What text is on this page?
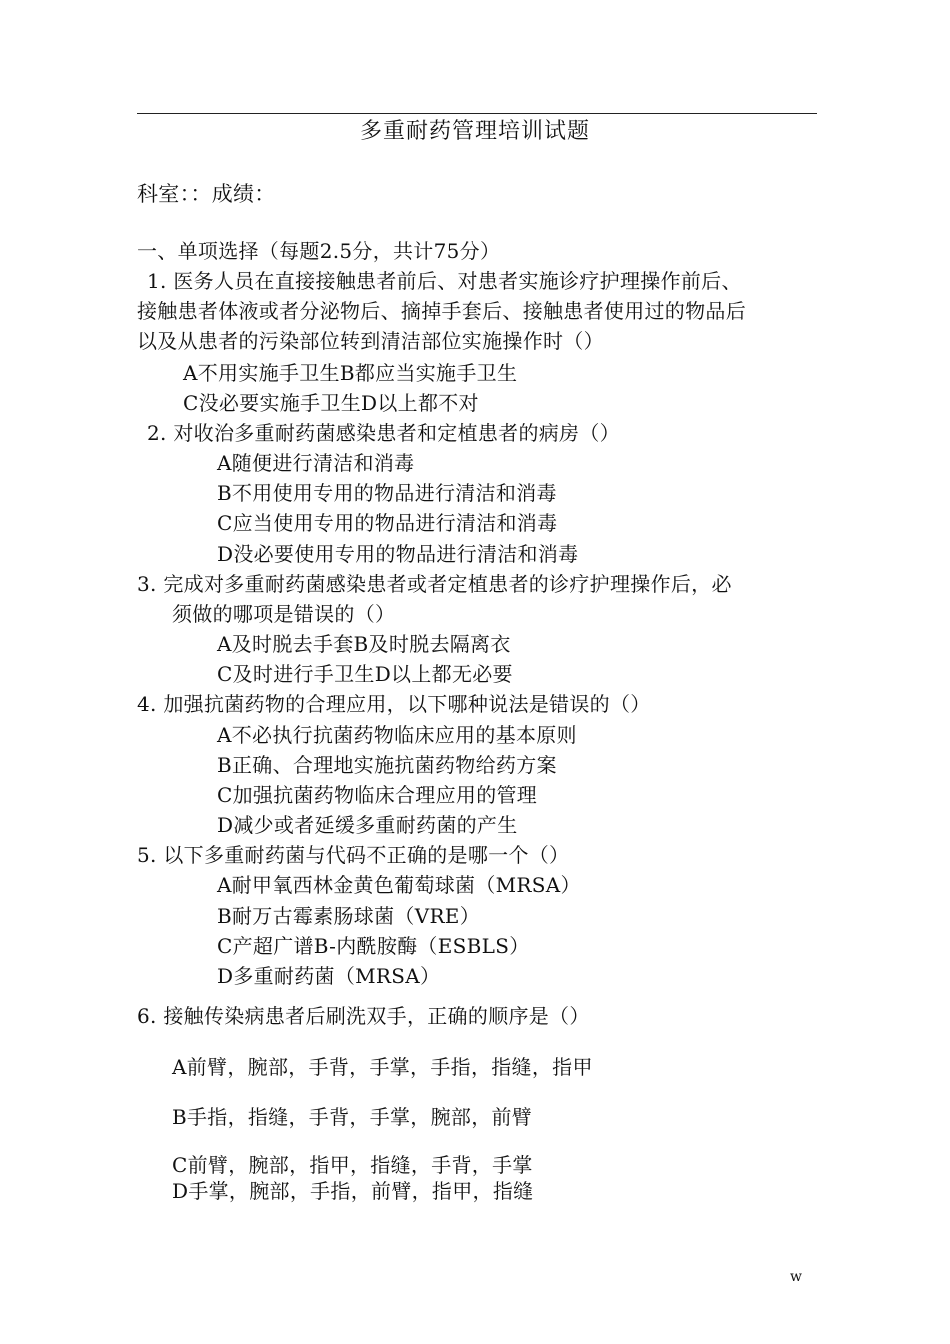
多重耐药管理培训试题
科室：：成绩：
一、单项选择（每题2.5分，共计75分）
1. 医务人员在直接接触患者前后、对患者实施诊疗护理操作前后、
接触患者体液或者分泌物后、摘掉手套后、接触患者使用过的物品后
以及从患者的污染部位转到清洁部位实施操作时（）
A不用实施手卫生B都应当实施手卫生
C没必要实施手卫生D以上都不对
2. 对收治多重耐药菌感染患者和定植患者的病房（）
A随便进行清洁和消毒
B不用使用专用的物品进行清洁和消毒
C应当使用专用的物品进行清洁和消毒
D没必要使用专用的物品进行清洁和消毒
3. 完成对多重耐药菌感染患者或者定植患者的诊疗护理操作后，必
须做的哪项是错误的（）
A及时脱去手套B及时脱去隔离衣
C及时进行手卫生D以上都无必要
4. 加强抗菌药物的合理应用，以下哪种说法是错误的（）
A不必执行抗菌药物临床应用的基本原则
B正确、合理地实施抗菌药物给药方案
C加强抗菌药物临床合理应用的管理
D减少或者延缓多重耐药菌的产生
5. 以下多重耐药菌与代码不正确的是哪一个（）
A耐甲氧西林金黄色葡萄球菌（MRSA）
B耐万古霉素肠球菌（VRE）
C产超广谱B-内酰胺酶（ESBLS）
D多重耐药菌（MRSA）
6. 接触传染病患者后刷洗双手，正确的顺序是（）
A前臂，腕部，手背，手掌，手指，指缝，指甲
B手指，指缝，手背，手掌，腕部，前臂
C前臂，腕部，指甲，指缝，手背，手掌
D手掌，腕部，手指，前臂，指甲，指缝
w
